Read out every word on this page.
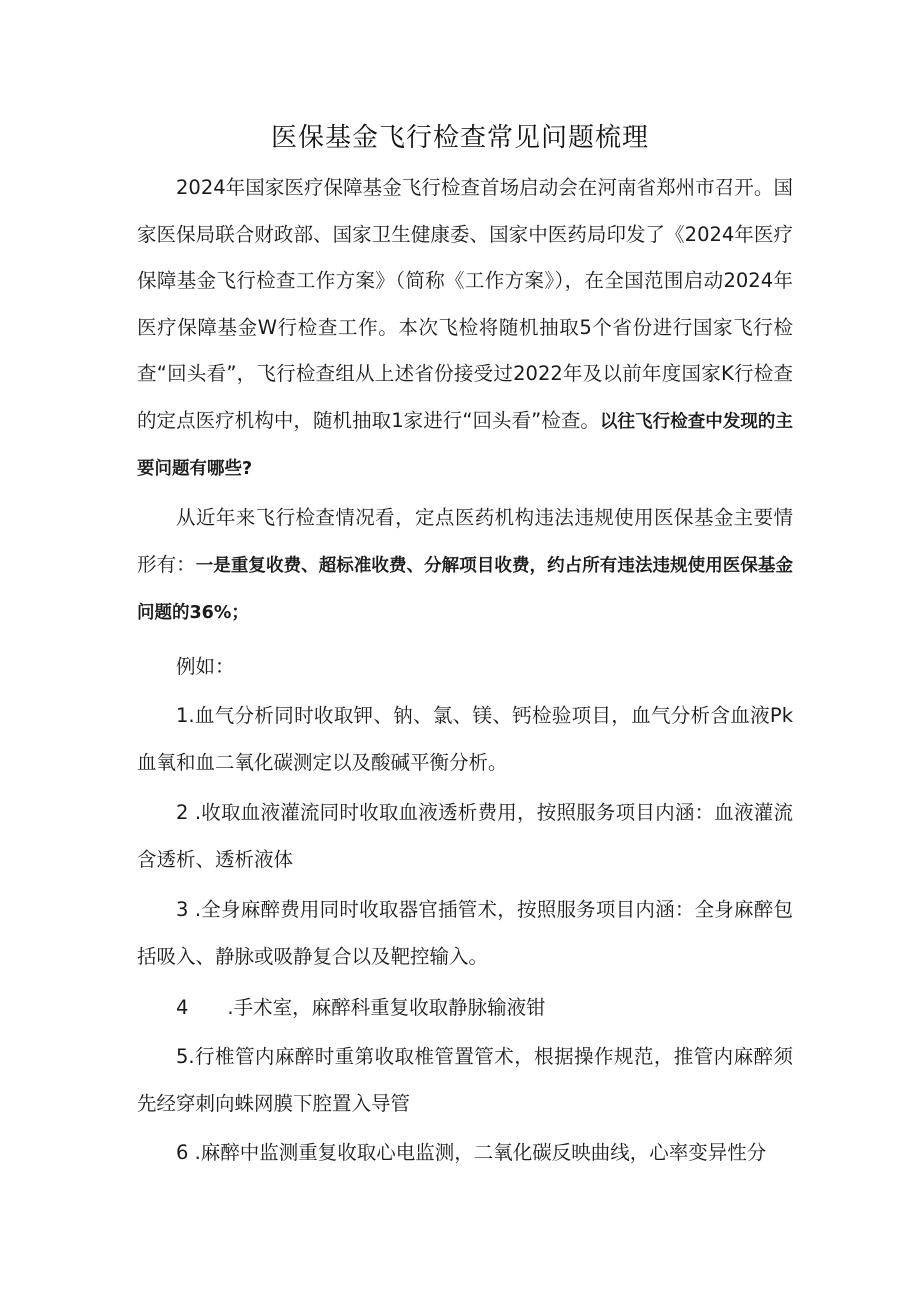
医保基金飞行检查常见问题梳理
2024年国家医疗保障基金飞行检查首场启动会在河南省郑州市召开。国家医保局联合财政部、国家卫生健康委、国家中医药局印发了《2024年医疗保障基金飞行检查工作方案》（简称《工作方案》），在全国范围启动2024年医疗保障基金W行检查工作。本次飞检将随机抽取5个省份进行国家飞行检查“回头看”，飞行检查组从上述省份接受过2022年及以前年度国家K行检查的定点医疗机构中，随机抽取1家进行“回头看”检查。以往飞行检查中发现的主要问题有哪些?
从近年来飞行检查情况看，定点医药机构违法违规使用医保基金主要情形有：一是重复收费、超标准收费、分解项目收费，约占所有违法违规使用医保基金问题的36%；
例如：
1.血气分析同时收取钾、钠、氯、镁、钙检验项目，血气分析含血液Pk血氧和血二氧化碳测定以及酸碱平衡分析。
2 .收取血液灌流同时收取血液透析费用，按照服务项目内涵：血液灌流含透析、透析液体
3 .全身麻醉费用同时收取器官插管术，按照服务项目内涵：全身麻醉包括吸入、静脉或吸静复合以及靶控输入。
4  .手术室，麻醉科重复收取静脉输液钳
5.行椎管内麻醉时重第收取椎管置管术，根据操作规范，推管内麻醉须先经穿刺向蛛网膜下腔置入导管
6 .麻醉中监测重复收取心电监测，二氧化碳反映曲线，心率变异性分
